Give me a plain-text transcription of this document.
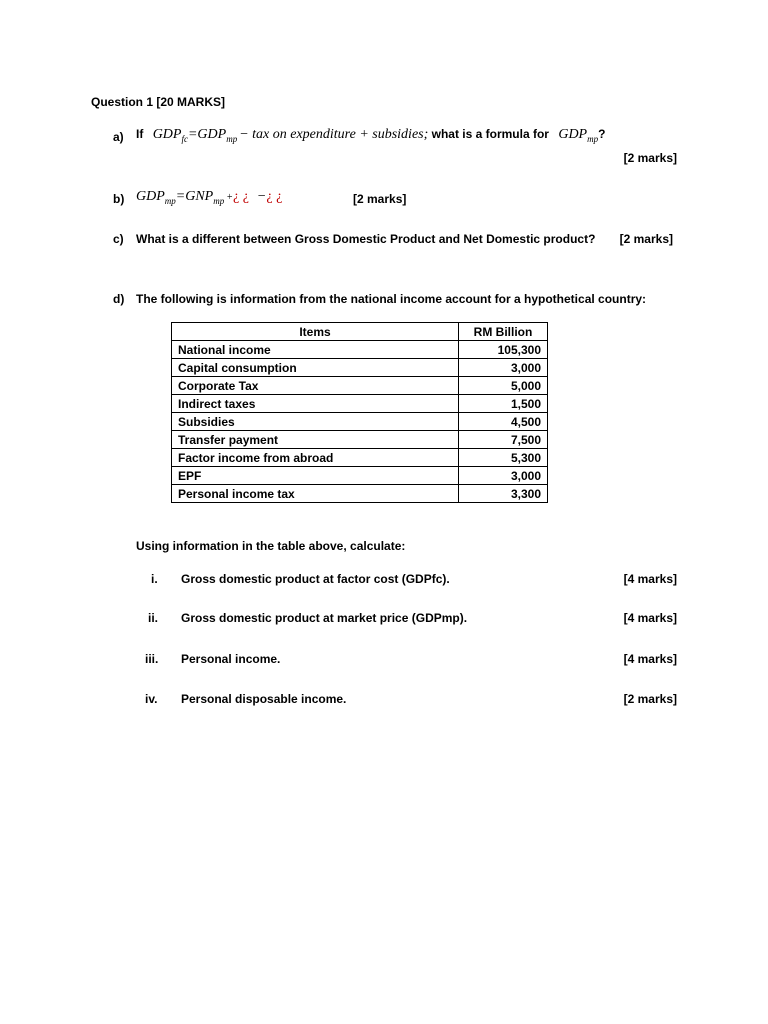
Question 1 [20 MARKS]
a) If $GDP_{fc}=GDP_{mp}$ − tax on expenditure + subsidies; what is a formula for $GDP_{mp}$?
[2 marks]
b) $GDP_{mp}=GNP_{mp}$ +¿ ¿ −¿ ¿	[2 marks]
c) What is a different between Gross Domestic Product and Net Domestic product? [2 marks]
d) The following is information from the national income account for a hypothetical country:
Items	RM Billion
National income	105,300
Capital consumption	3,000
Corporate Tax	5,000
Indirect taxes	1,500
Subsidies	4,500
Transfer payment	7,500
Factor income from abroad	5,300
EPF	3,000
Personal income tax	3,300
Using information in the table above, calculate:
i. Gross domestic product at factor cost (GDPfc).	[4 marks]
ii. Gross domestic product at market price (GDPmp).	[4 marks]
iii. Personal income.	[4 marks]
iv. Personal disposable income.	[2 marks]
